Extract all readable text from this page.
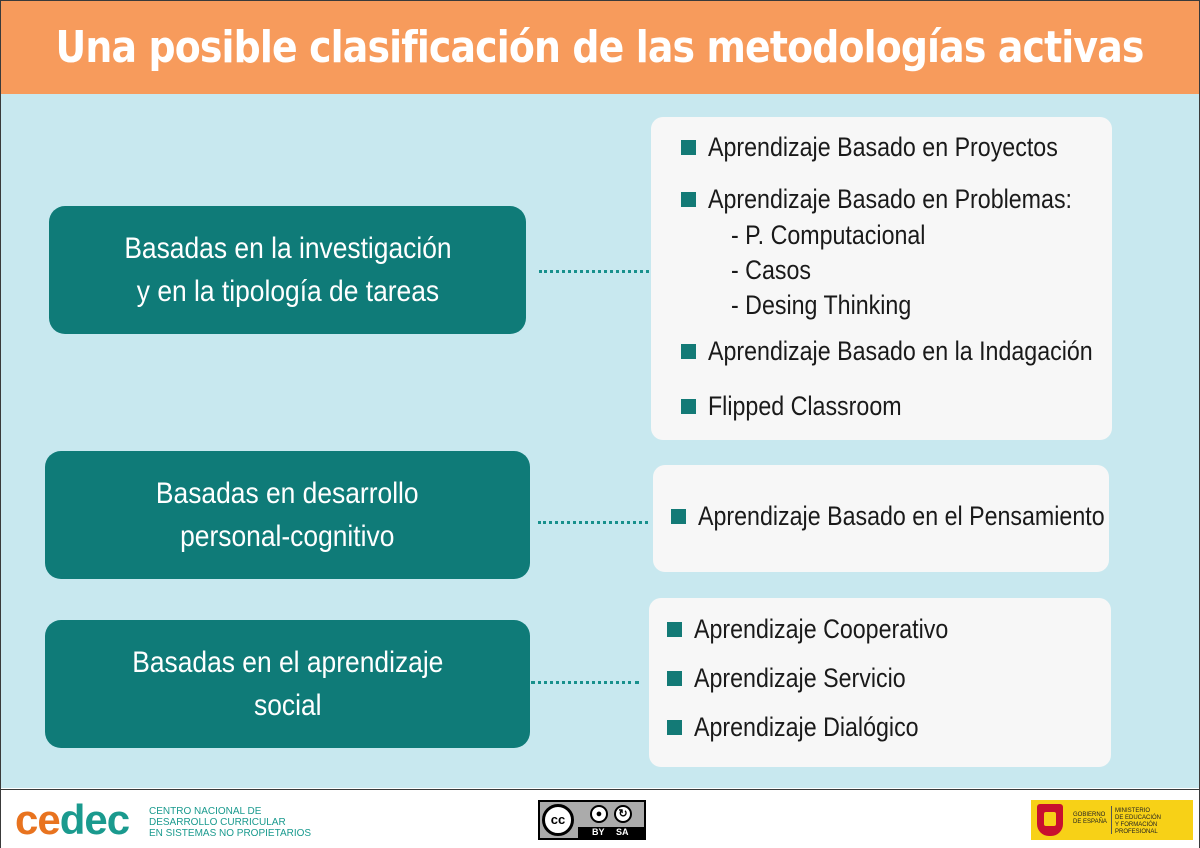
Una posible clasificación de las metodologías activas
Basadas en la investigación
y en la tipología de tareas
Aprendizaje Basado en Proyectos
Aprendizaje Basado en Problemas:
- P. Computacional
- Casos
- Desing Thinking
Aprendizaje Basado en la Indagación
Flipped Classroom
Basadas en desarrollo
personal-cognitivo
Aprendizaje Basado en el Pensamiento
Basadas en el aprendizaje
social
Aprendizaje Cooperativo
Aprendizaje Servicio
Aprendizaje Dialógico
cedec CENTRO NACIONAL DE
DESARROLLO CURRICULAR
EN SISTEMAS NO PROPIETARIOS
cc	●	↻
BY SA
GOBIERNO
DE ESPAÑA
MINISTERIO
DE EDUCACIÓN
Y FORMACIÓN PROFESIONAL
